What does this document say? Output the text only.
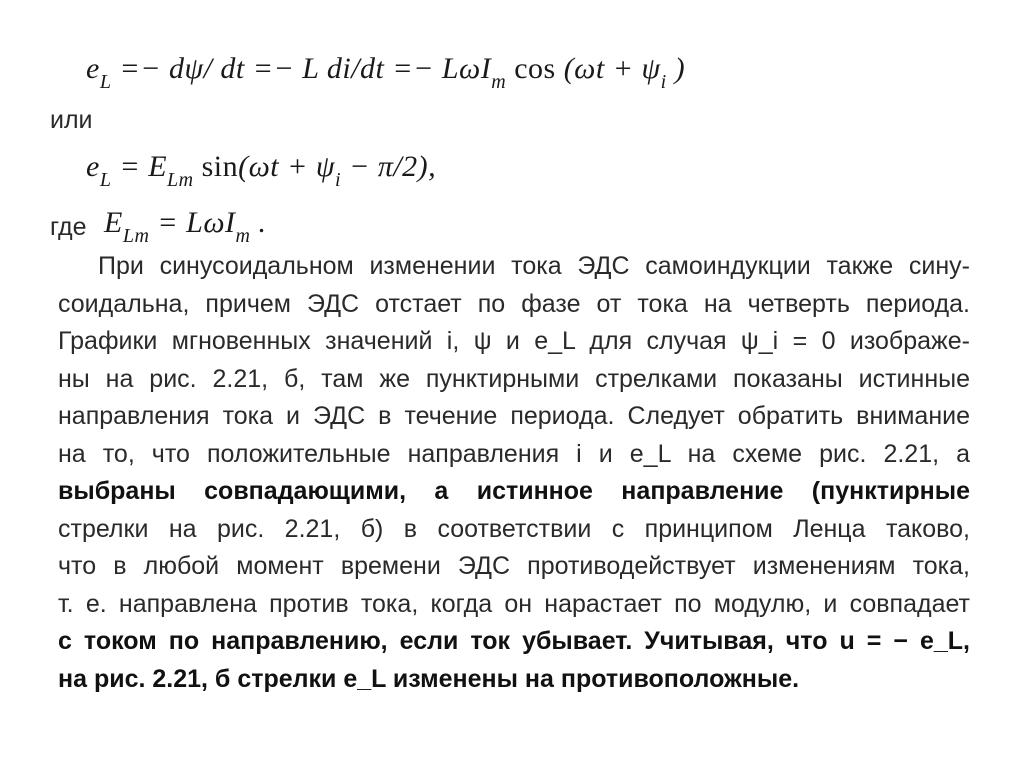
$e_L =- d\psi/$ dt =− L di/dt =− LωI$_m$ $\cos (\omega t + \psi_i$ )
или
$e_L = E_{Lm}$ $\sin(\omega t + \psi_i - \pi/2)$,
где $E_{Lm} = L\omega I_m$ .
При синусоидальном изменении тока ЭДС самоиндукции также сину-
соидальна, причем ЭДС отстает по фазе от тока на четверть периода.
Графики мгновенных значений i, ψ и e_L для случая ψ_i = 0 изображе-
ны на рис. 2.21, б, там же пунктирными стрелками показаны истинные
направления тока и ЭДС в течение периода. Следует обратить внимание
на то, что положительные направления i и e_L на схеме рис. 2.21, а
выбраны совпадающими, а истинное направление (пунктирные
стрелки на рис. 2.21, б) в соответствии с принципом Ленца таково,
что в любой момент времени ЭДС противодействует изменениям тока,
т. е. направлена против тока, когда он нарастает по модулю, и совпадает
с током по направлению, если ток убывает. Учитывая, что u = − e_L,
на рис. 2.21, б стрелки e_L изменены на противоположные.
